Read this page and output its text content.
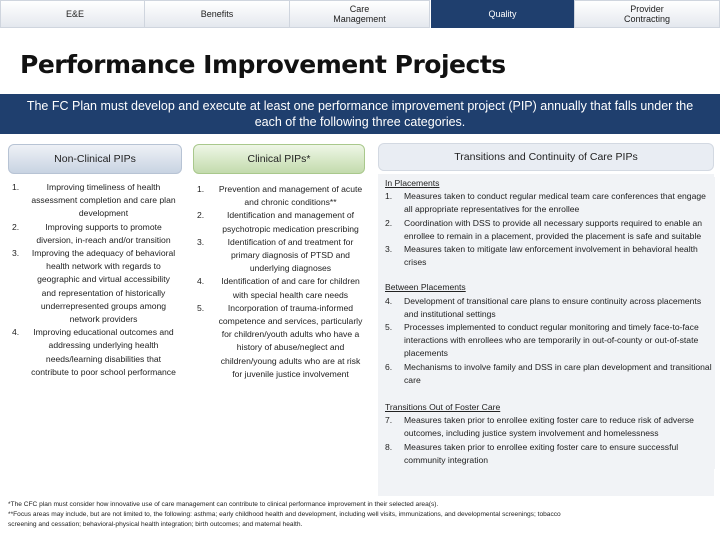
E&E	Benefits	Care Management	Quality	Provider Contracting
Performance Improvement Projects
The FC Plan must develop and execute at least one performance improvement project (PIP) annually that falls under the each of the following three categories.
Non-Clinical PIPs	Clinical PIPs*	Transitions and Continuity of Care PIPs
1.	Improving timeliness of health assessment completion and care plan development
2.	Improving supports to promote diversion, in-reach and/or transition
3. Improving the adequacy of behavioral health network with regards to geographic and virtual accessibility and representation of historically underrepresented groups among network providers
4. Improving educational outcomes and addressing underlying health needs/learning disabilities that contribute to poor school performance
1. Prevention and management of acute and chronic conditions**
2.	Identification and management of psychotropic medication prescribing
3.	Identification of and treatment for primary diagnosis of PTSD and underlying diagnoses
4. Identification of and care for children with special health care needs
5.	Incorporation of trauma-informed competence and services, particularly for children/youth adults who have a history of abuse/neglect and children/young adults who are at risk for juvenile justice involvement
In Placements
1. Measures taken to conduct regular medical team care conferences that engage all appropriate representatives for the enrollee
2. Coordination with DSS to provide all necessary supports required to enable an enrollee to remain in a placement, provided the placement is safe and suitable
3. Measures taken to mitigate law enforcement involvement in behavioral health crises
Between Placements
4. Development of transitional care plans to ensure continuity across placements and institutional settings
5. Processes implemented to conduct regular monitoring and timely face-to-face interactions with enrollees who are temporarily in out-of-county or out-of-state placements
6. Mechanisms to involve family and DSS in care plan development and transitional care
Transitions Out of Foster Care
7. Measures taken prior to enrollee exiting foster care to reduce risk of adverse outcomes, including justice system involvement and homelessness
8. Measures taken prior to enrollee exiting foster care to ensure successful community integration
*The CFC plan must consider how innovative use of care management can contribute to clinical performance improvement in their selected area(s).
**Focus areas may include, but are not limited to, the following: asthma; early childhood health and development, including well visits, immunizations, and developmental screenings; tobacco
screening and cessation; behavioral-physical health integration; birth outcomes; and maternal health.
